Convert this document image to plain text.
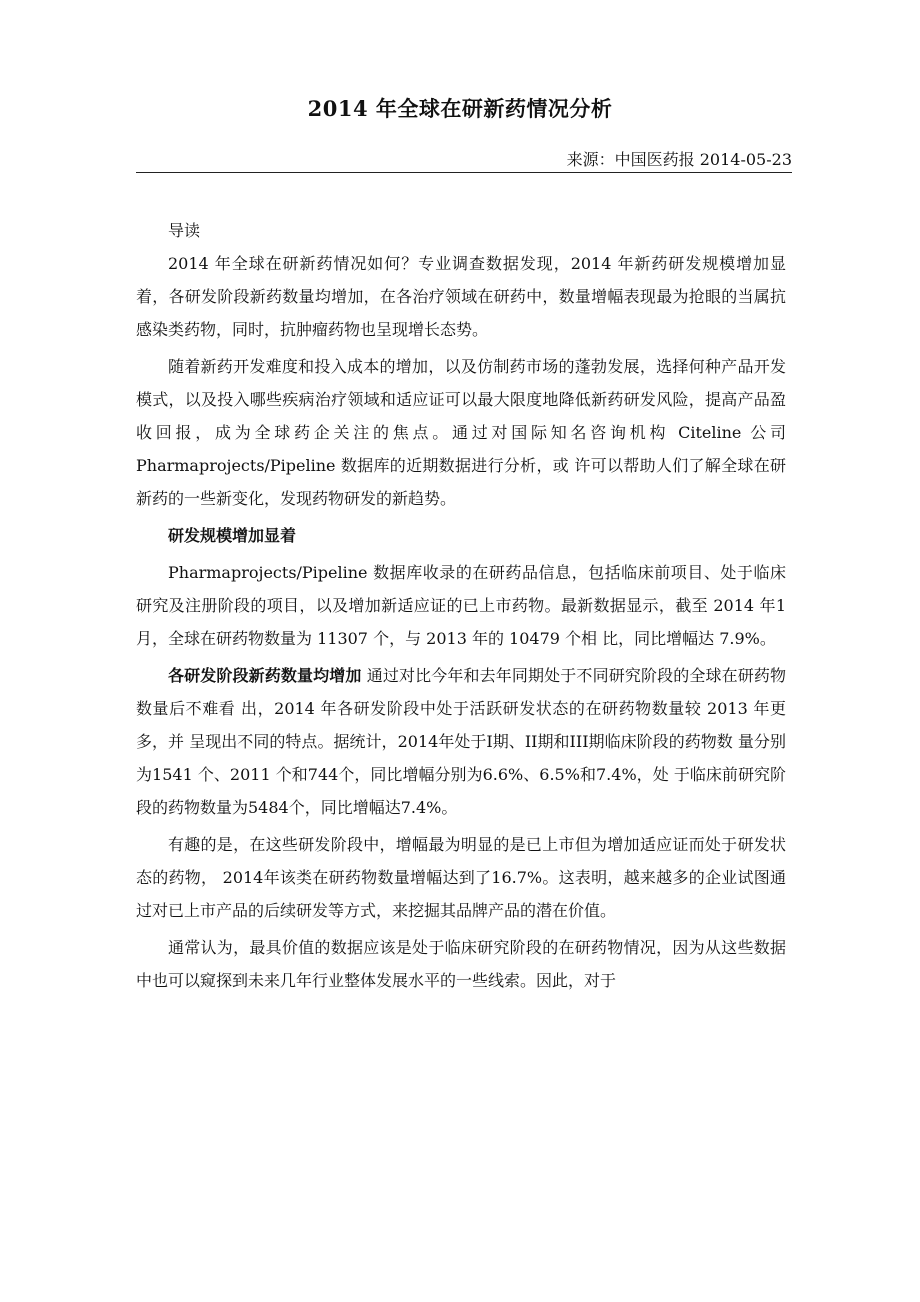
2014 年全球在研新药情况分析
来源：中国医药报 2014-05-23

导读

2014 年全球在研新药情况如何？专业调查数据发现，2014 年新药研发规模增加显着，各研发阶段新药数量均增加，在各治疗领域在研药中，数量增幅表现最为抢眼的当属抗感染类药物，同时，抗肿瘤药物也呈现增长态势。

随着新药开发难度和投入成本的增加，以及仿制药市场的蓬勃发展，选择何种产品开发模式，以及投入哪些疾病治疗领域和适应证可以最大限度地降低新药研发风险，提高产品盈收回报，成为全球药企关注的焦点。通过对国际知名咨询机构 Citeline 公司 Pharmaprojects/Pipeline 数据库的近期数据进行分析，或 许可以帮助人们了解全球在研新药的一些新变化，发现药物研发的新趋势。

研发规模增加显着

Pharmaprojects/Pipeline 数据库收录的在研药品信息，包括临床前项目、处于临床研究及注册阶段的项目，以及增加新适应证的已上市药物。最新数据显示，截至 2014 年1 月，全球在研药物数量为 11307 个，与 2013 年的 10479 个相 比，同比增幅达 7.9%。

各研发阶段新药数量均增加 通过对比今年和去年同期处于不同研究阶段的全球在研药物数量后不难看 出，2014 年各研发阶段中处于活跃研发状态的在研药物数量较 2013 年更多，并 呈现出不同的特点。据统计，2014年处于I期、II期和III期临床阶段的药物数 量分别为1541 个、2011 个和744个，同比增幅分别为6.6%、6.5%和7.4%，处 于临床前研究阶段的药物数量为5484个，同比增幅达7.4%。

有趣的是，在这些研发阶段中，增幅最为明显的是已上市但为增加适应证而处于研发状态的药物， 2014年该类在研药物数量增幅达到了16.7%。这表明，越来越多的企业试图通过对已上市产品的后续研发等方式，来挖掘其品牌产品的潜在价值。

通常认为，最具价值的数据应该是处于临床研究阶段的在研药物情况，因为从这些数据中也可以窥探到未来几年行业整体发展水平的一些线索。因此，对于
